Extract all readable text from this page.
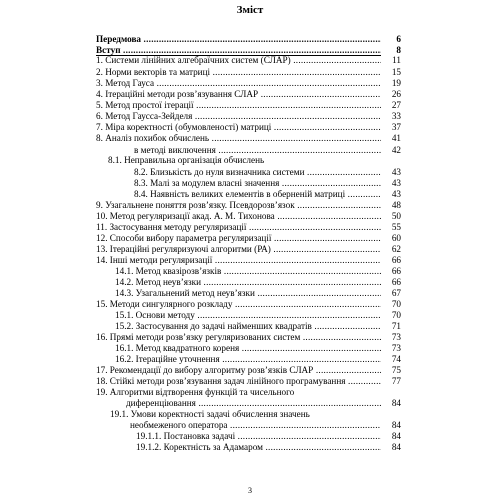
Зміст
Передмова .....	6
Вступ .....	8
1. Системи лінійних алгебраїчних систем (СЛАР) .....	11
2. Норми векторів та матриці .....	15
3. Метод Гауса .....	19
4. Ітераційні методи розв’язування СЛАР .....	26
5. Метод простої ітерації .....	27
6. Метод Гаусса-Зейделя .....	33
7. Міра коректності (обумовленості) матриці .....	37
8. Аналіз похибок обчислень .....	41
8.1. Неправильна організація обчислень
в методі виключення .....	42
8.2. Близькість до нуля визначника системи .....	43
8.3. Малі за модулем власні значення .....	43
8.4. Наявність великих елементів в оберненій матриці .....	43
9. Узагальнене поняття розв’язку. Псевдорозв’язок .....	48
10. Метод регуляризації акад. А. М. Тихонова .....	50
11. Застосування методу регуляризації .....	55
12. Способи вибору параметра регуляризації .....	60
13. Ітераційні регуляризуючі алгоритми (РА) .....	62
14. Інші методи регуляризації .....	66
14.1. Метод квазірозв’язків .....	66
14.2. Метод неув’язки .....	66
14.3. Узагальнений метод неув’язки .....	67
15. Методи сингулярного розкладу .....	70
15.1. Основи методу .....	70
15.2. Застосування до задачі найменших квадратів .....	71
16. Прямі методи розв’язку регуляризованих систем .....	73
16.1. Метод квадратного кореня .....	73
16.2. Ітераційне уточнення .....	74
17. Рекомендації до вибору алгоритму розв’язків СЛАР .....	75
18. Стійкі методи розв’язування задач лінійного програмування .....	77
19. Алгоритми відтворення функцій та чисельного
диференціювання .....	84
19.1. Умови коректності задачі обчислення значень
необмеженого оператора .....	84
19.1.1. Постановка задачі .....	84
19.1.2. Коректність за Адамаром .....	84
3
